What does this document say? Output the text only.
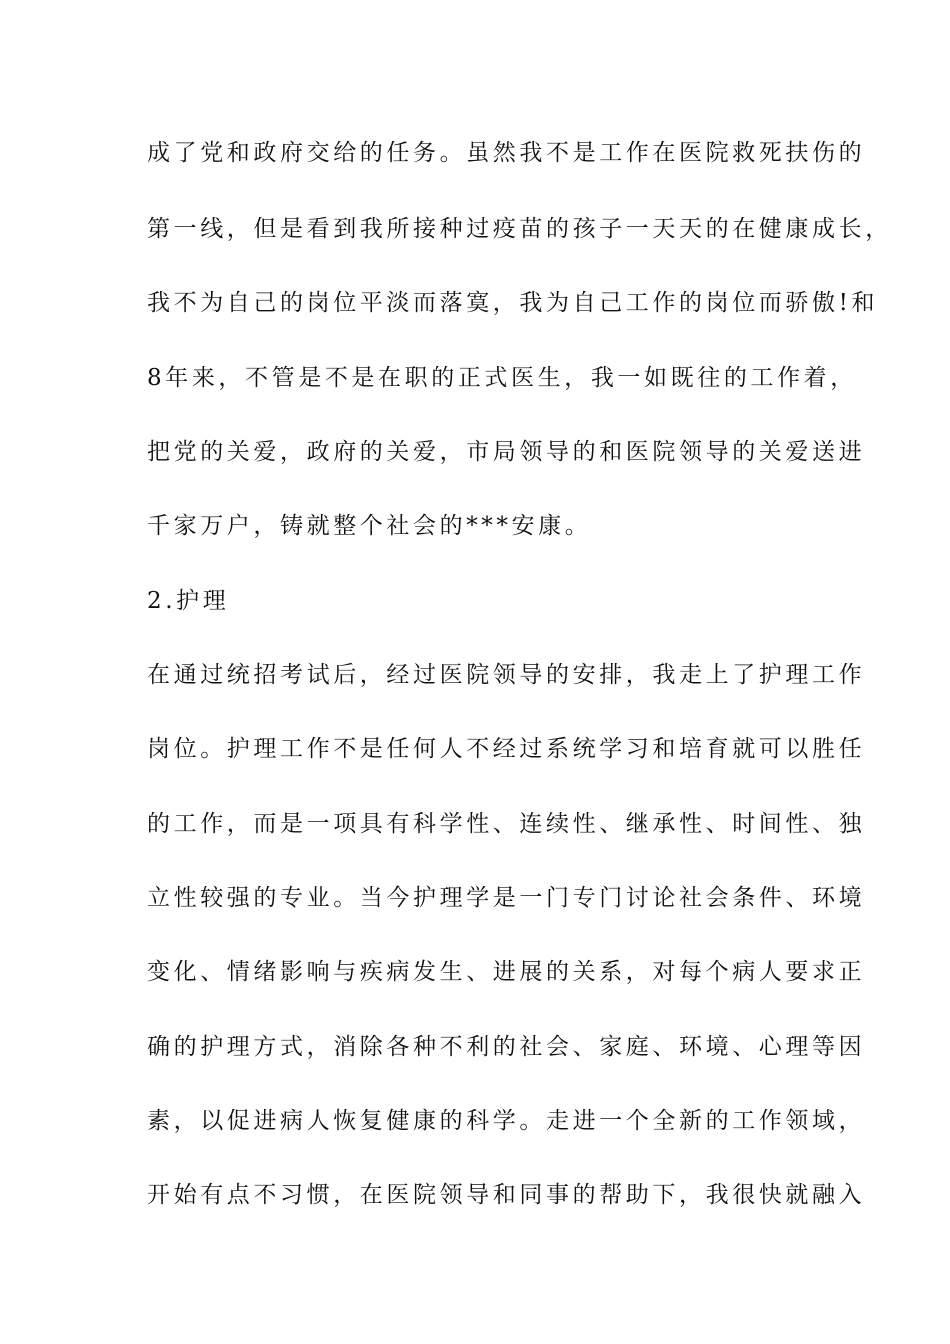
成了党和政府交给的任务。虽然我不是工作在医院救死扶伤的
第一线，但是看到我所接种过疫苗的孩子一天天的在健康成长，
我不为自己的岗位平淡而落寞，我为自己工作的岗位而骄傲!和
8年来，不管是不是在职的正式医生，我一如既往的工作着，
把党的关爱，政府的关爱，市局领导的和医院领导的关爱送进
千家万户，铸就整个社会的***安康。
2.护理
在通过统招考试后，经过医院领导的安排，我走上了护理工作
岗位。护理工作不是任何人不经过系统学习和培育就可以胜任
的工作，而是一项具有科学性、连续性、继承性、时间性、独
立性较强的专业。当今护理学是一门专门讨论社会条件、环境
变化、情绪影响与疾病发生、进展的关系，对每个病人要求正
确的护理方式，消除各种不利的社会、家庭、环境、心理等因
素，以促进病人恢复健康的科学。走进一个全新的工作领域，
开始有点不习惯，在医院领导和同事的帮助下，我很快就融入
